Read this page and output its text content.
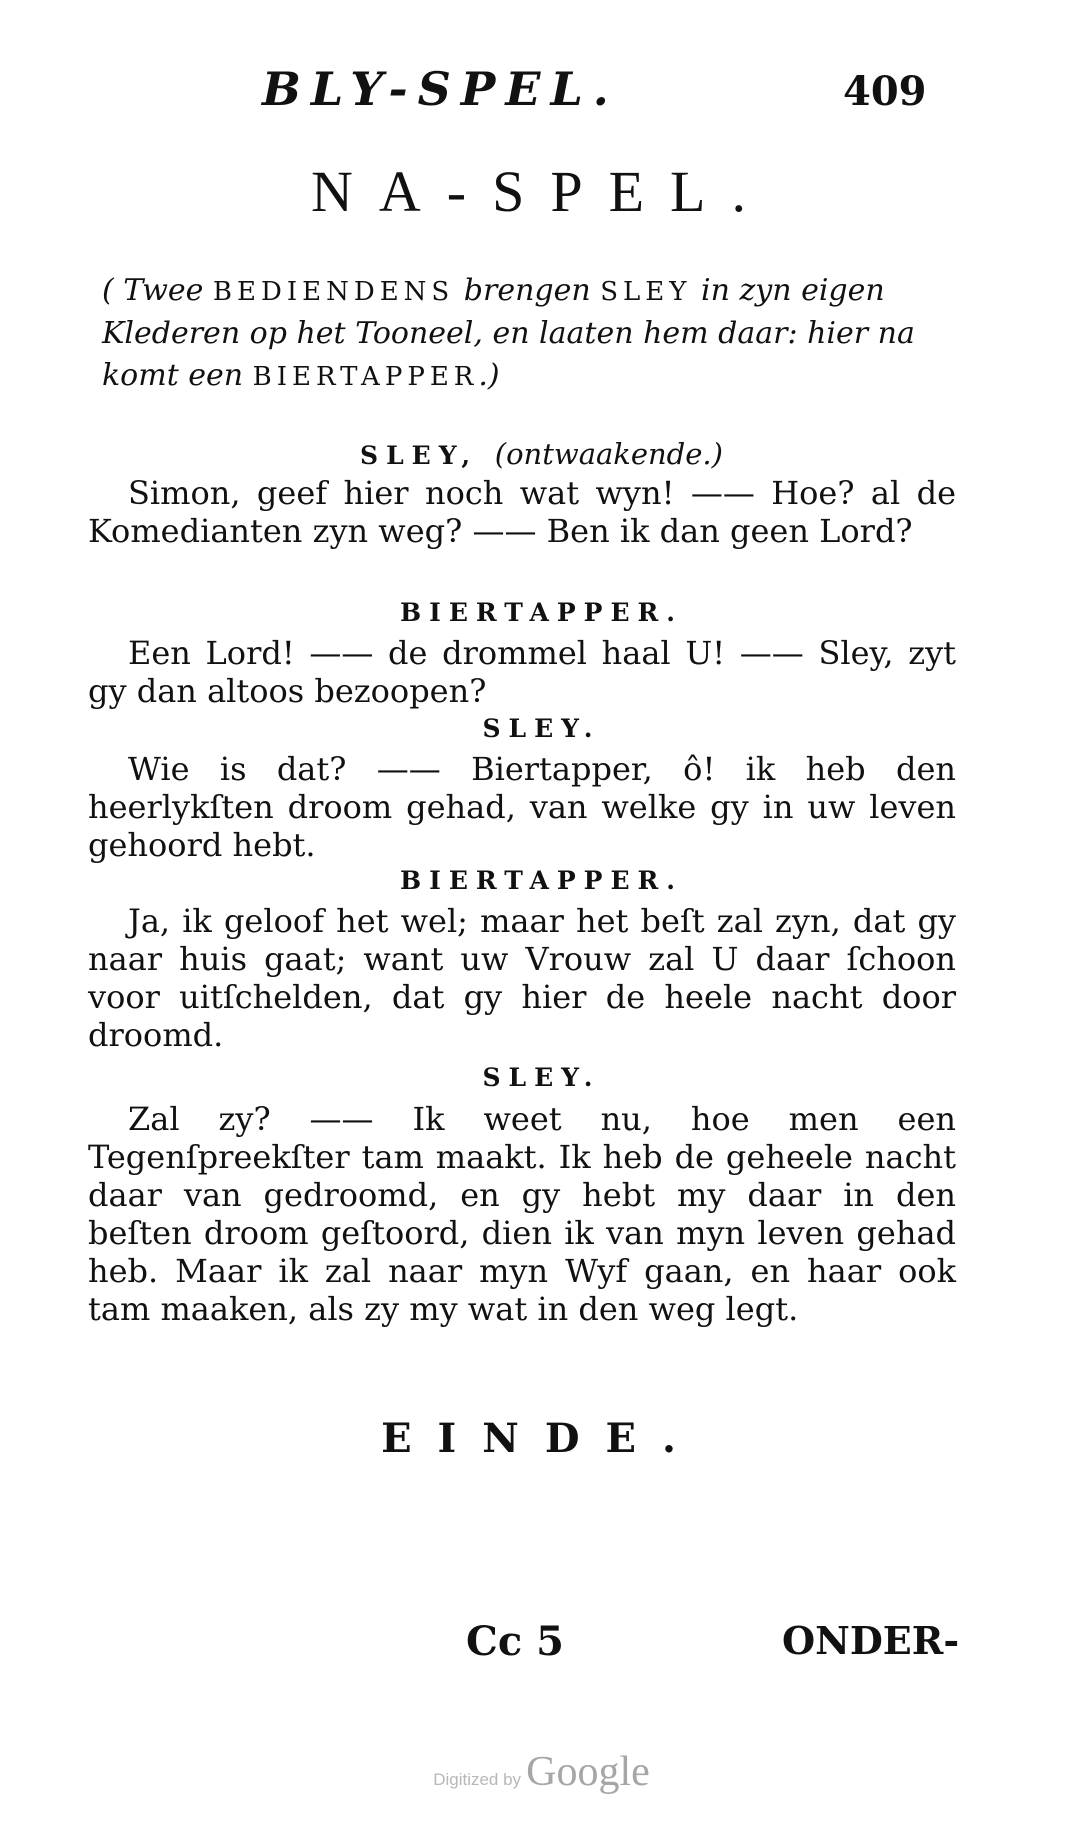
BLY-SPEL.	409
NA-SPEL.
( Twee BEDIENDENS brengen SLEY in zyn eigen Klederen op het Tooneel, en laaten hem daar: hier na komt een BIERTAPPER.)
SLEY, (ontwaakende.)
Simon, geef hier noch wat wyn! —— Hoe? al de Komedianten zyn weg? —— Ben ik dan geen Lord?
BIERTAPPER.
Een Lord! —— de drommel haal U! —— Sley, zyt gy dan altoos bezoopen?
SLEY.
Wie is dat? —— Biertapper, ô! ik heb den heerlykſten droom gehad, van welke gy in uw leven gehoord hebt.
BIERTAPPER.
Ja, ik geloof het wel; maar het beſt zal zyn, dat gy naar huis gaat; want uw Vrouw zal U daar ſchoon voor uitſchelden, dat gy hier de heele nacht door droomd.
SLEY.
Zal zy? —— Ik weet nu, hoe men een Tegenſpreekſter tam maakt. Ik heb de geheele nacht daar van gedroomd, en gy hebt my daar in den beſten droom geſtoord, dien ik van myn leven gehad heb. Maar ik zal naar myn Wyf gaan, en haar ook tam maaken, als zy my wat in den weg legt.
EINDE.
Cc 5	ONDER-
Digitized by Google
